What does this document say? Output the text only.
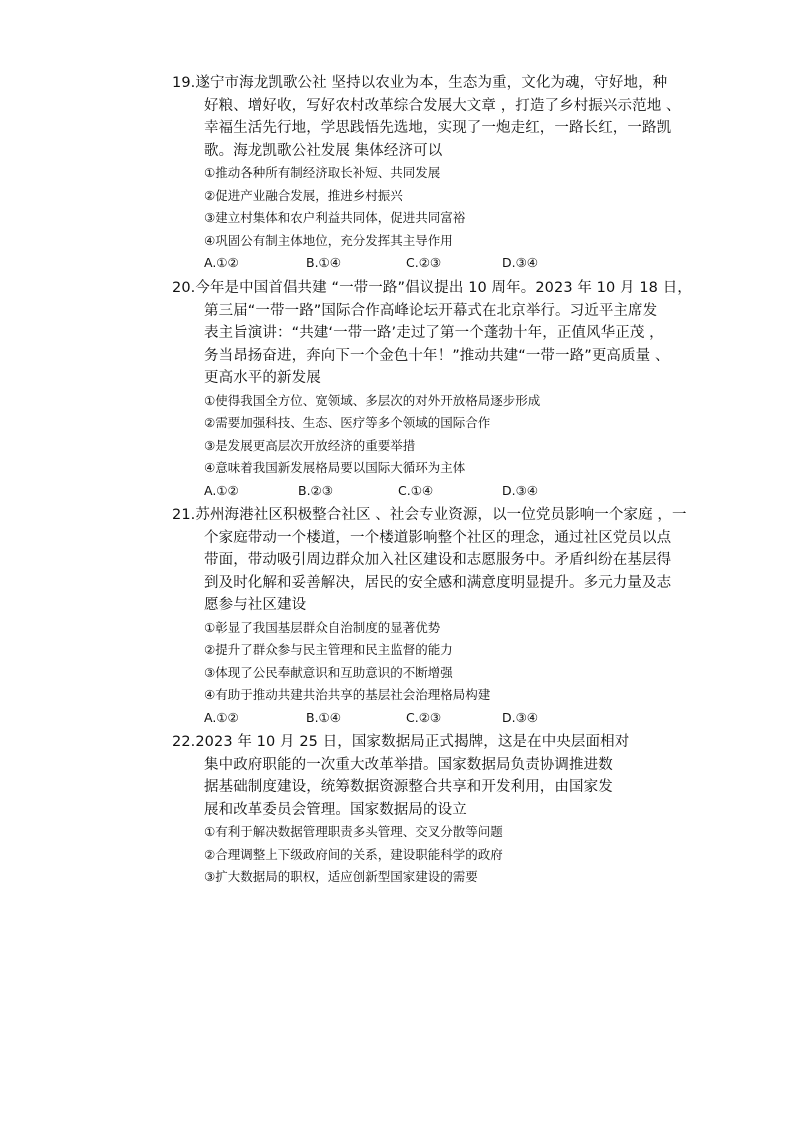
19.遂宁市海龙凯歌公社 坚持以农业为本，生态为重，文化为魂，守好地，种
好粮、增好收，写好农村改革综合发展大文章 ，打造了乡村振兴示范地 、
幸福生活先行地，学思践悟先选地，实现了一炮走红，一路长红，一路凯
歌。海龙凯歌公社发展 集体经济可以
①推动各种所有制经济取长补短、共同发展
②促进产业融合发展，推进乡村振兴
③建立村集体和农户利益共同体，促进共同富裕
④巩固公有制主体地位，充分发挥其主导作用
A.①②	B.①④	C.②③	D.③④
20.今年是中国首倡共建 “一带一路”倡议提出 10 周年。2023 年 10 月 18 日，
第三届“一带一路”国际合作高峰论坛开幕式在北京举行。习近平主席发
表主旨演讲：“共建‘一带一路’走过了第一个蓬勃十年，正值风华正茂 ，
务当昂扬奋进，奔向下一个金色十年！”推动共建“一带一路”更高质量 、
更高水平的新发展
①使得我国全方位、宽领域、多层次的对外开放格局逐步形成
②需要加强科技、生态、医疗等多个领域的国际合作
③是发展更高层次开放经济的重要举措
④意味着我国新发展格局要以国际大循环为主体
A.①②	B.②③	C.①④	D.③④
21.苏州海港社区积极整合社区 、社会专业资源，以一位党员影响一个家庭 ，一
个家庭带动一个楼道，一个楼道影响整个社区的理念，通过社区党员以点
带面，带动吸引周边群众加入社区建设和志愿服务中。矛盾纠纷在基层得
到及时化解和妥善解决，居民的安全感和满意度明显提升。多元力量及志
愿参与社区建设
①彰显了我国基层群众自治制度的显著优势
②提升了群众参与民主管理和民主监督的能力
③体现了公民奉献意识和互助意识的不断增强
④有助于推动共建共治共享的基层社会治理格局构建
A.①②	B.①④	C.②③	D.③④
22.2023 年 10 月 25 日，国家数据局正式揭牌，这是在中央层面相对
集中政府职能的一次重大改革举措。国家数据局负责协调推进数
据基础制度建设，统筹数据资源整合共享和开发利用，由国家发
展和改革委员会管理。国家数据局的设立
①有利于解决数据管理职责多头管理、交叉分散等问题
②合理调整上下级政府间的关系，建设职能科学的政府
③扩大数据局的职权，适应创新型国家建设的需要
